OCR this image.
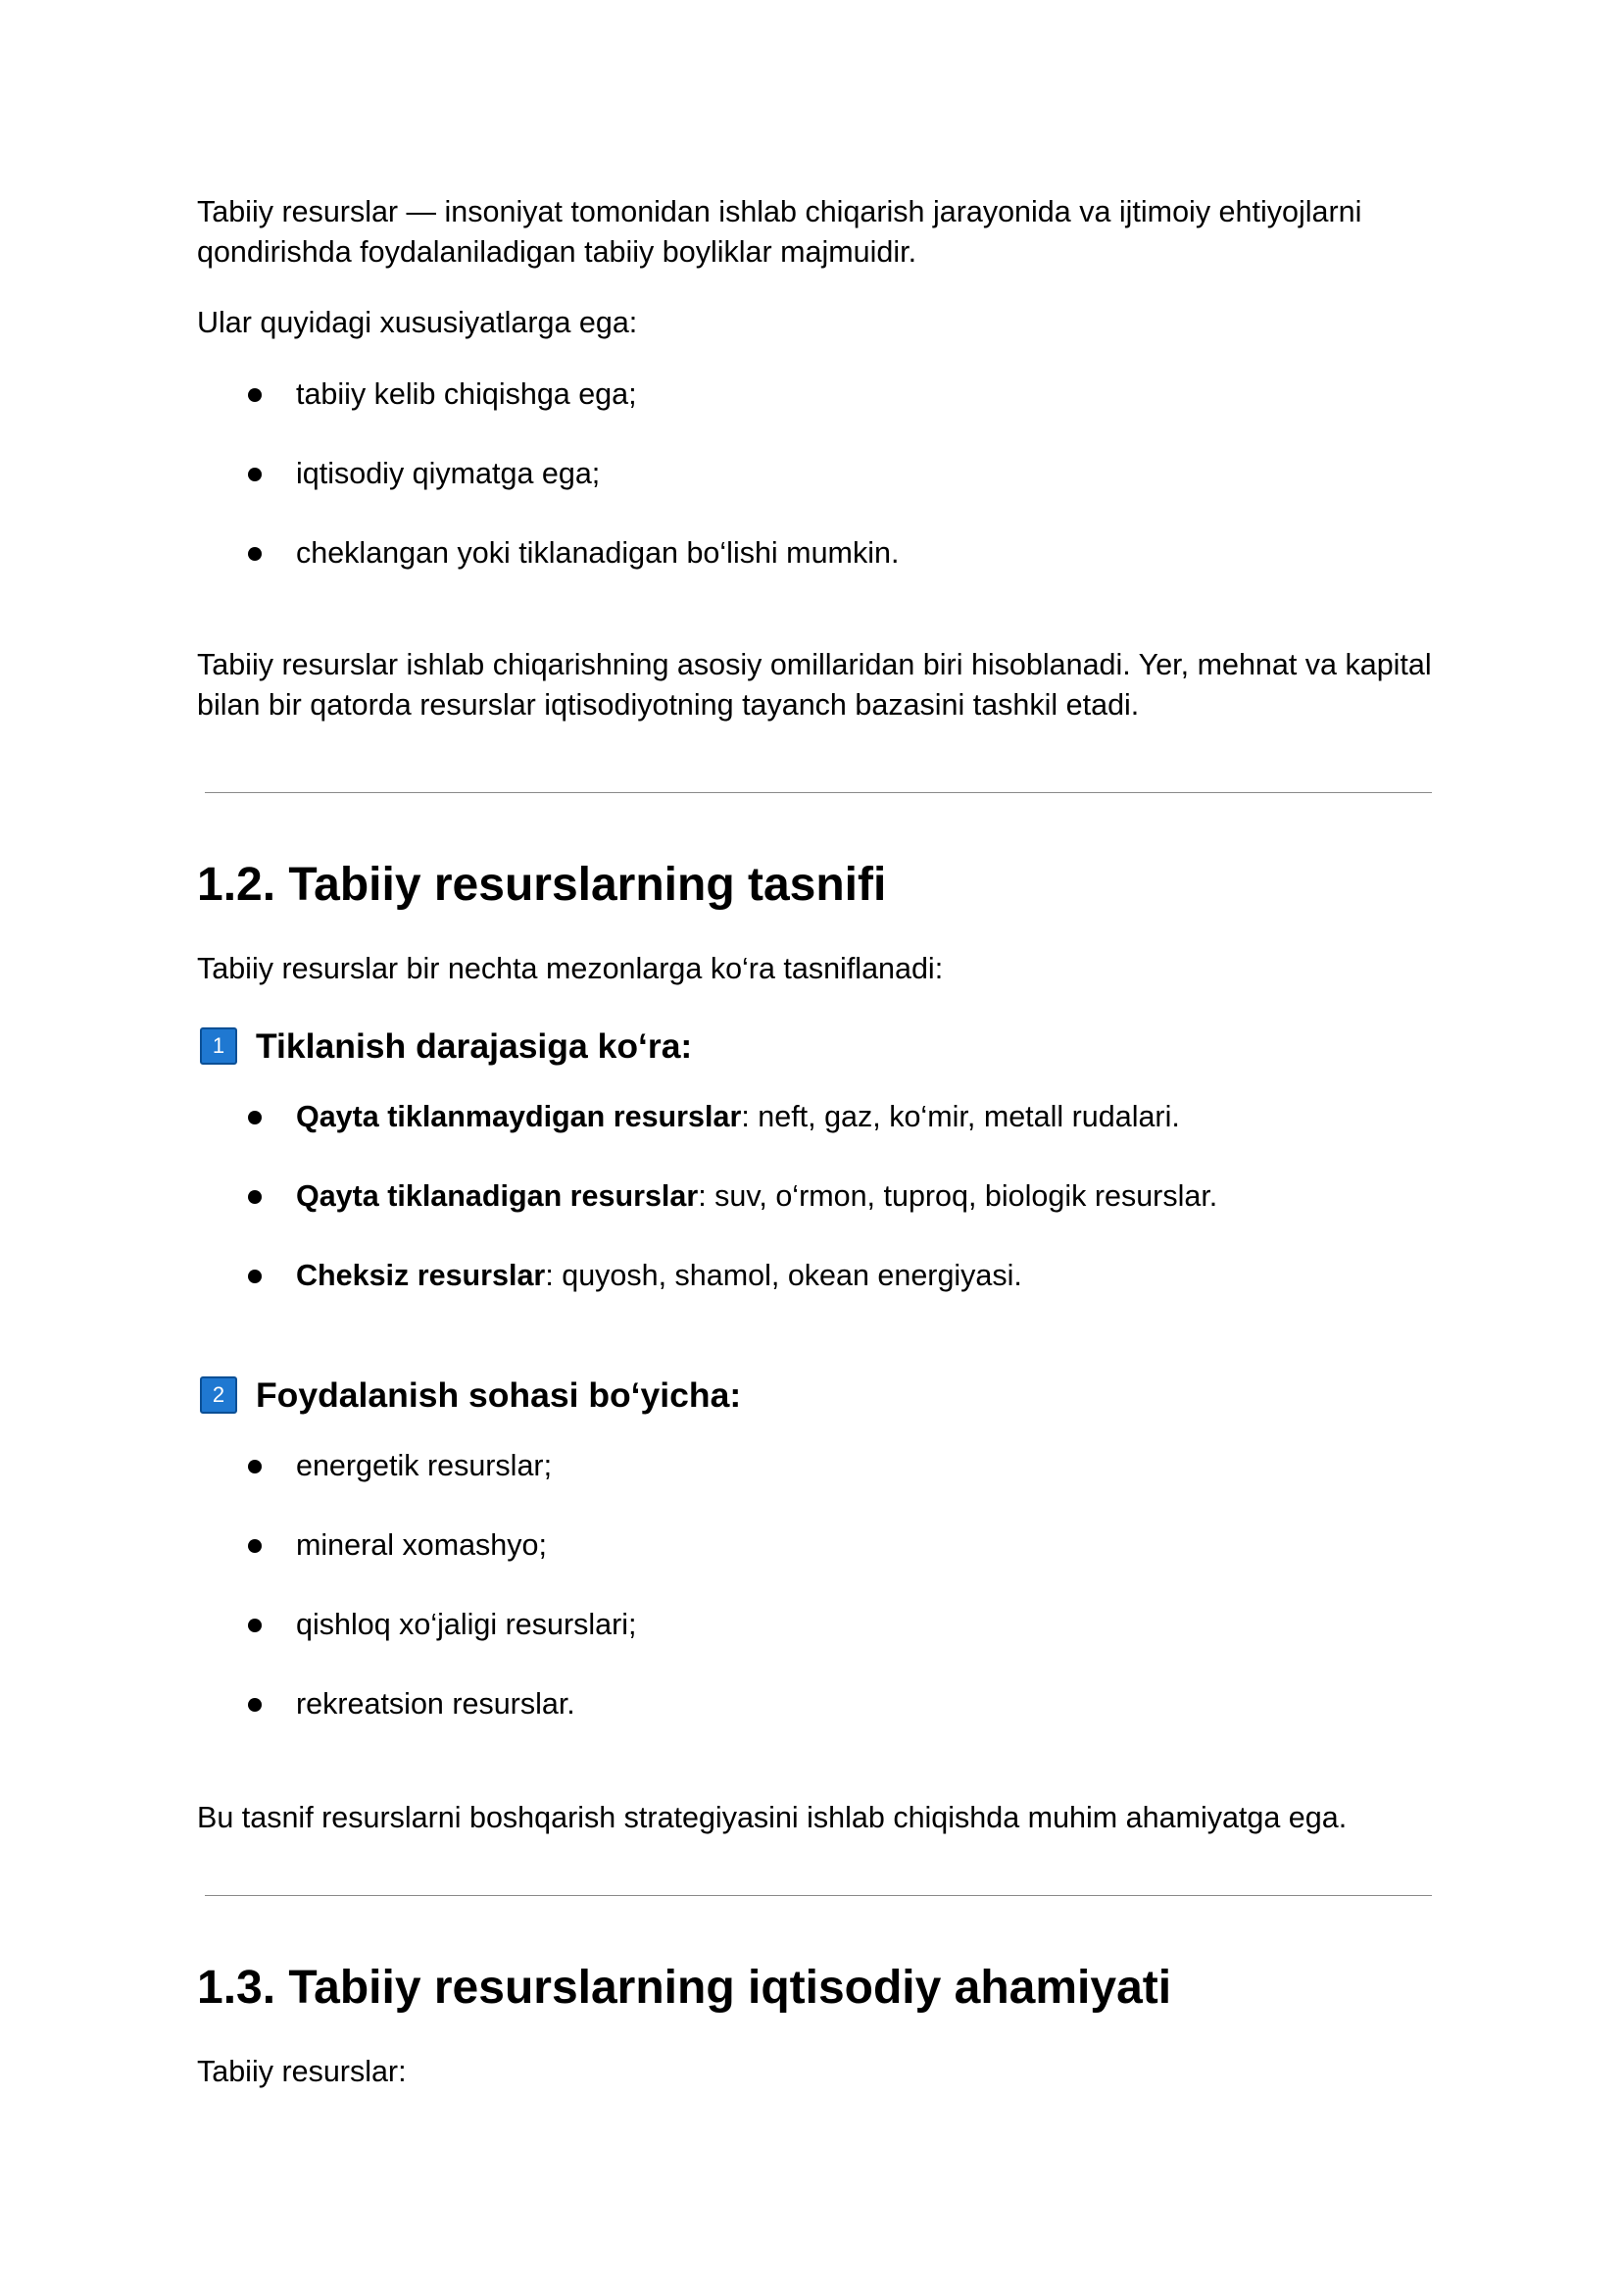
Tabiiy resurslar — insoniyat tomonidan ishlab chiqarish jarayonida va ijtimoiy ehtiyojlarni qondirishda foydalaniladigan tabiiy boyliklar majmuidir.

Ular quyidagi xususiyatlarga ega:

tabiiy kelib chiqishga ega;
iqtisodiy qiymatga ega;
cheklangan yoki tiklanadigan bo‘lishi mumkin.

Tabiiy resurslar ishlab chiqarishning asosiy omillaridan biri hisoblanadi. Yer, mehnat va kapital bilan bir qatorda resurslar iqtisodiyotning tayanch bazasini tashkil etadi.

1.2. Tabiiy resurslarning tasnifi

Tabiiy resurslar bir nechta mezonlarga ko‘ra tasniflanadi:

1 Tiklanish darajasiga ko‘ra:
Qayta tiklanmaydigan resurslar: neft, gaz, ko‘mir, metall rudalari.
Qayta tiklanadigan resurslar: suv, o‘rmon, tuproq, biologik resurslar.
Cheksiz resurslar: quyosh, shamol, okean energiyasi.
2 Foydalanish sohasi bo‘yicha:
energetik resurslar;
mineral xomashyo;
qishloq xo‘jaligi resurslari;
rekreatsion resurslar.

Bu tasnif resurslarni boshqarish strategiyasini ishlab chiqishda muhim ahamiyatga ega.

1.3. Tabiiy resurslarning iqtisodiy ahamiyati

Tabiiy resurslar:
